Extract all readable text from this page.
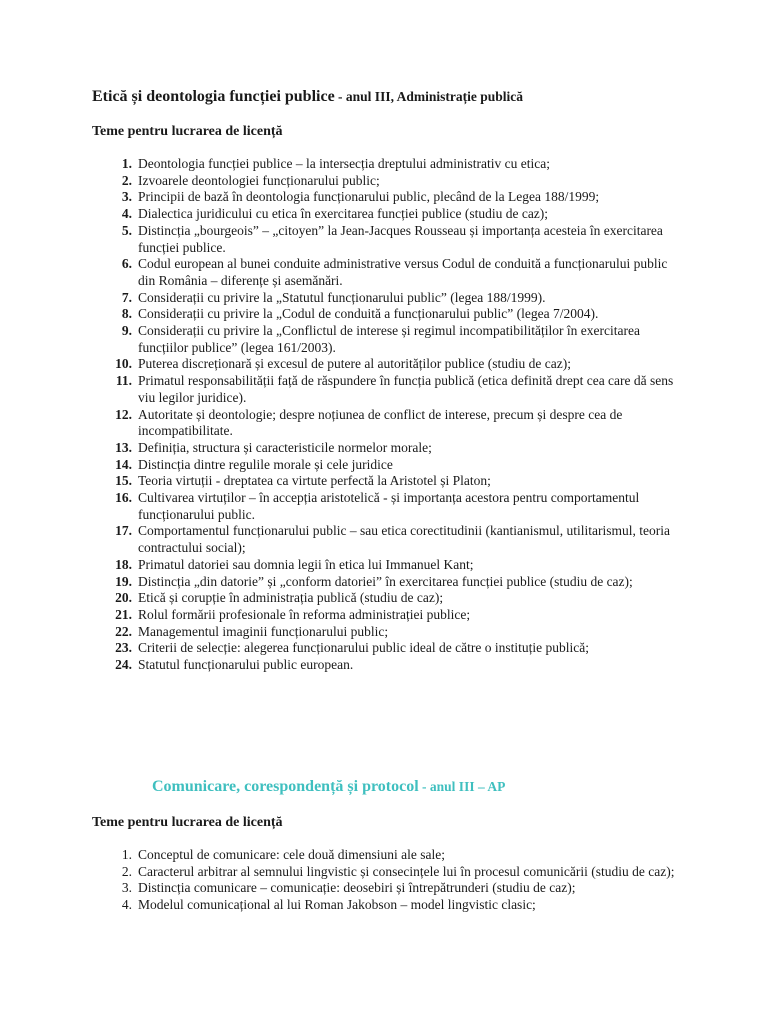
Etică și deontologia funcției publice - anul III, Administrație publică
Teme pentru lucrarea de licență
1. Deontologia funcției publice – la intersecția dreptului administrativ cu etica;
2. Izvoarele deontologiei funcționarului public;
3. Principii de bază în deontologia funcționarului public, plecând de la Legea 188/1999;
4. Dialectica juridicului cu etica în exercitarea funcției publice (studiu de caz);
5. Distincția „bourgeois” – „citoyen” la Jean-Jacques Rousseau și importanța acesteia în exercitarea funcției publice.
6. Codul european al bunei conduite administrative versus Codul de conduită a funcționarului public din România – diferențe și asemănări.
7. Considerații cu privire la „Statutul funcționarului public” (legea 188/1999).
8. Considerații cu privire la „Codul de conduită a funcționarului public” (legea 7/2004).
9. Considerații cu privire la „Conflictul de interese și regimul incompatibilităților în exercitarea funcțiilor publice” (legea 161/2003).
10. Puterea discreționară și excesul de putere al autorităților publice (studiu de caz);
11. Primatul responsabilității față de răspundere în funcția publică (etica definită drept cea care dă sens viu legilor juridice).
12. Autoritate și deontologie; despre noțiunea de conflict de interese, precum și despre cea de incompatibilitate.
13. Definiția, structura și caracteristicile normelor morale;
14. Distincția dintre regulile morale și cele juridice
15. Teoria virtuții - dreptatea ca virtute perfectă la Aristotel și Platon;
16. Cultivarea virtuților – în accepția aristotelică - și importanța acestora pentru comportamentul funcționarului public.
17. Comportamentul funcționarului public – sau etica corectitudinii (kantianismul, utilitarismul, teoria contractului social);
18. Primatul datoriei sau domnia legii în etica lui Immanuel Kant;
19. Distincția „din datorie” și „conform datoriei” în exercitarea funcției publice (studiu de caz);
20. Etică și corupție în administrația publică (studiu de caz);
21. Rolul formării profesionale în reforma administrației publice;
22. Managementul imaginii funcționarului public;
23. Criterii de selecție: alegerea funcționarului public ideal de către o instituție publică;
24. Statutul funcționarului public european.
Comunicare, corespondență și protocol - anul III – AP
Teme pentru lucrarea de licență
1. Conceptul de comunicare: cele două dimensiuni ale sale;
2. Caracterul arbitrar al semnului lingvistic și consecințele lui în procesul comunicării (studiu de caz);
3. Distincția comunicare – comunicație: deosebiri și întrepătrunderi (studiu de caz);
4. Modelul comunicațional al lui Roman Jakobson – model lingvistic clasic;
